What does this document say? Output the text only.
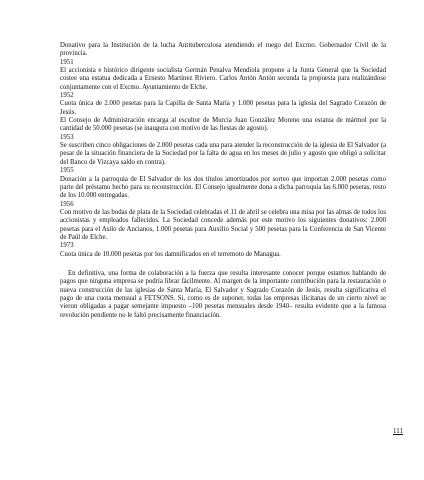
Donativo para la Institución de la lucha Antituberculosa atendiendo el ruego del Excmo. Gobernador Civil de la provincia.

1951

El accionista e histórico dirigente socialista Germán Penalva Mendiola propone a la Junta General que la Sociedad costee una estatua dedicada a Ernesto Martínez Riviero. Carlos Antón Antón secunda la propuesta para realizándose conjuntamente con el Excmo. Ayuntamiento de Elche.

1952

Cuota única de 2.000 pesetas para la Capilla de Santa María y 1.000 pesetas para la iglesia del Sagrado Corazón de Jesús.

El Consejo de Administración encarga al escultor de Murcia Juan González Moreno una estatua de mármol por la cantidad de 50.000 pesetas (se inaugura con motivo de las fiestas de agosto).

1953

Se suscriben cinco obligaciones de 2.000 pesetas cada una para atender la reconstrucción de la iglesia de El Salvador (a pesar de la situación financiera de la Sociedad por la falta de agua en los meses de julio y agosto que obligó a solicitar del Banco de Vizcaya saldo en contra).

1955

Donación a la parroquia de El Salvador de los dos títulos amortizados por sorteo que importan 2.000 pesetas como parte del préstamo hecho para su reconstrucción. El Consejo igualmente dona a dicha parroquia las 6.000 pesetas, resto de los 10.000 entregadas.

1956

Con motivo de las bodas de plata de la Sociedad celebradas el 11 de abril se celebra una misa por las almas de todos los accionistas y empleados fallecidos. La Sociedad concede además por este motivo los siguientes donativos: 2.000 pesetas para el Asilo de Ancianos, 1.000 pesetas para Auxilio Social y 500 pesetas para la Conferencia de San Vicente de Paúl de Elche.

1973

Cuota única de 10.000 pesetas por los damnificados en el terremoto de Managua.

En definitiva, una forma de colaboración a la fuerza que resulta interesante conocer porque estamos hablando de pagos que ninguna empresa se podría librar fácilmente. Al margen de la importante contribución para la restauración o nueva construcción de las iglesias de Santa María, El Salvador y Sagrado Corazón de Jesús, resulta significativa el pago de una cuota mensual a FETSONS. Si, como es de suponer, todas las empresas ilicitanas de un cierto nivel se vieron obligadas a pagar semejante impuesto –100 pesetas mensuales desde 1940– resulta evidente que a la famosa revolución pendiente no le faltó precisamente financiación.

111
